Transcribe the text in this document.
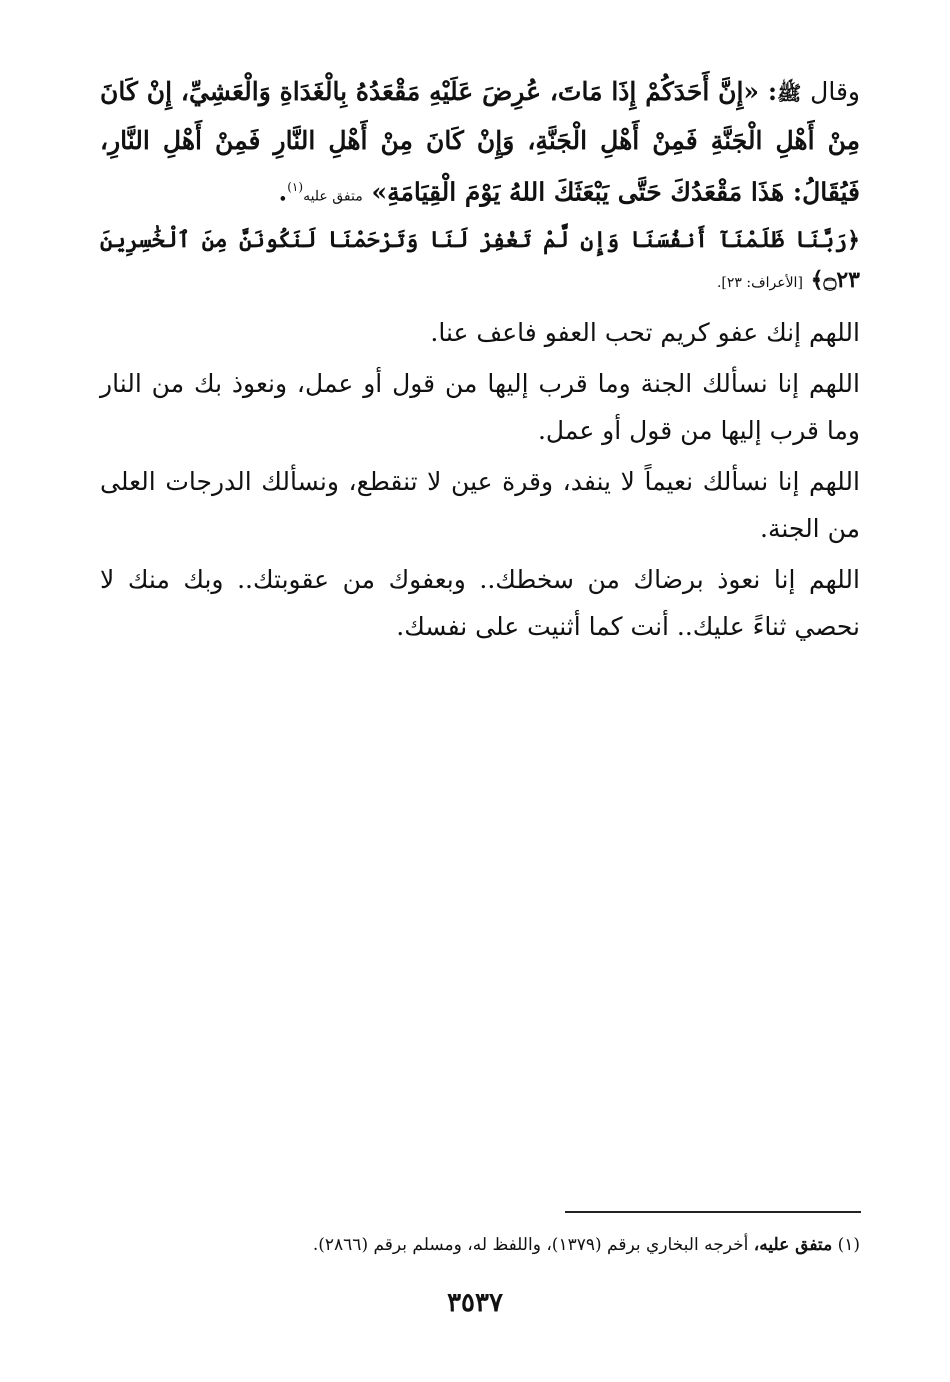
وقال ﷺ: «إِنَّ أَحَدَكُمْ إِذَا مَاتَ، عُرِضَ عَلَيْهِ مَقْعَدُهُ بِالْغَدَاةِ وَالْعَشِيِّ، إِنْ كَانَ مِنْ أَهْلِ الْجَنَّةِ فَمِنْ أَهْلِ الْجَنَّةِ، وَإِنْ كَانَ مِنْ أَهْلِ النَّارِ فَمِنْ أَهْلِ النَّارِ، فَيُقَالُ: هَذَا مَقْعَدُكَ حَتَّى يَبْعَثَكَ اللهُ يَوْمَ الْقِيَامَةِ» متفق عليه$^{(١)}$.

﴿رَبَّنَا ظَلَمْنَآ أَنفُسَنَا وَإِن لَّمْ تَغْفِرْ لَنَا وَتَرْحَمْنَا لَنَكُونَنَّ مِنَ ٱلْخَٰسِرِينَ ۝٢٣﴾ [الأعراف: ٢٣].

اللهم إنك عفو كريم تحب العفو فاعف عنا.

اللهم إنا نسألك الجنة وما قرب إليها من قول أو عمل، ونعوذ بك من النار وما قرب إليها من قول أو عمل.

اللهم إنا نسألك نعيماً لا ينفد، وقرة عين لا تنقطع، ونسألك الدرجات العلى من الجنة.

اللهم إنا نعوذ برضاك من سخطك.. وبعفوك من عقوبتك.. وبك منك لا نحصي ثناءً عليك.. أنت كما أثنيت على نفسك.

(١) متفق عليه، أخرجه البخاري برقم (١٣٧٩)، واللفظ له، ومسلم برقم (٢٨٦٦).
٣٥٣٧
